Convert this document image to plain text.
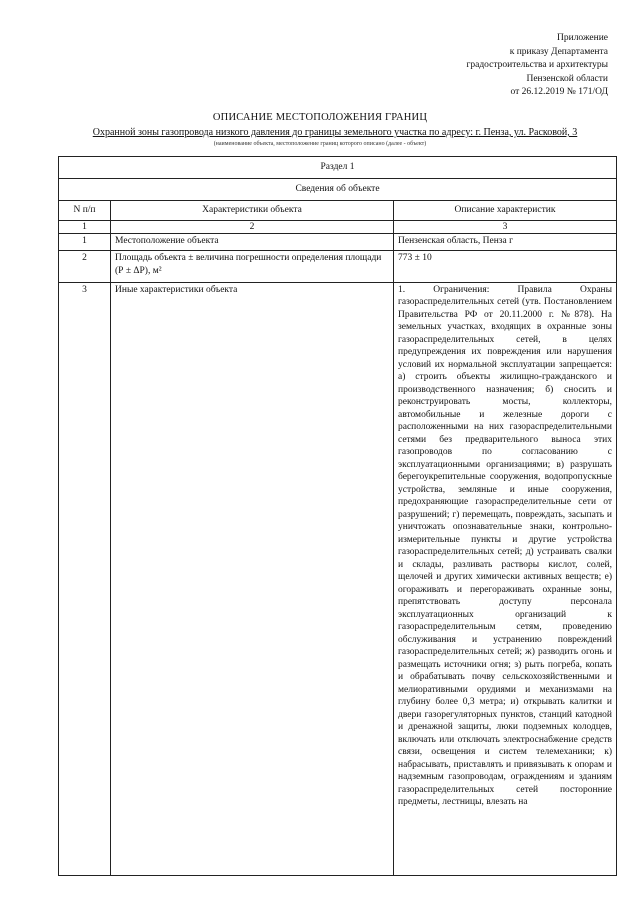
Приложение
к приказу Департамента
градостроительства и архитектуры
Пензенской области
от 26.12.2019 № 171/ОД
ОПИСАНИЕ МЕСТОПОЛОЖЕНИЯ ГРАНИЦ
Охранной зоны газопровода низкого давления до границы земельного участка по адресу: г. Пенза, ул. Расковой, 3
(наименование объекта, местоположение границ которого описано (далее - объект)
Раздел 1		
Сведения об объекте		
N п/п	Характеристики объекта	Описание характеристик
1	2	3
1	Местоположение объекта	Пензенская область, Пенза г
2	Площадь объекта ± величина погрешности определения площади (Р ± ΔР), м²	773 ± 10
3	Иные характеристики объекта	1. Ограничения: Правила Охраны газораспределительных сетей (утв. Постановлением Правительства РФ от 20.11.2000 г. №878). На земельных участках, входящих в охранные зоны газораспределительных сетей, в целях предупреждения их повреждения или нарушения условий их нормальной эксплуатации запрещается: а) строить объекты жилищно-гражданского и производственного назначения; б) сносить и реконструировать мосты, коллекторы, автомобильные и железные дороги с расположенными на них газораспределительными сетями без предварительного выноса этих газопроводов по согласованию с эксплуатационными организациями; в) разрушать берегоукрепительные сооружения, водопропускные устройства, земляные и иные сооружения, предохраняющие газораспределительные сети от разрушений; г) перемещать, повреждать, засыпать и уничтожать опознавательные знаки, контрольно-измерительные пункты и другие устройства газораспределительных сетей; д) устраивать свалки и склады, разливать растворы кислот, солей, щелочей и других химически активных веществ; е) огораживать и перегораживать охранные зоны, препятствовать доступу персонала эксплуатационных организаций к газораспределительным сетям, проведению обслуживания и устранению повреждений газораспределительных сетей; ж) разводить огонь и размещать источники огня; з) рыть погреба, копать и обрабатывать почву сельскохозяйственными и мелиоративными орудиями и механизмами на глубину более 0,3 метра; и) открывать калитки и двери газорегуляторных пунктов, станций катодной и дренажной защиты, люки подземных колодцев, включать или отключать электроснабжение средств связи, освещения и систем телемеханики; к) набрасывать, приставлять и привязывать к опорам и надземным газопроводам, ограждениям и зданиям газораспределительных сетей посторонние предметы, лестницы, влезать на
